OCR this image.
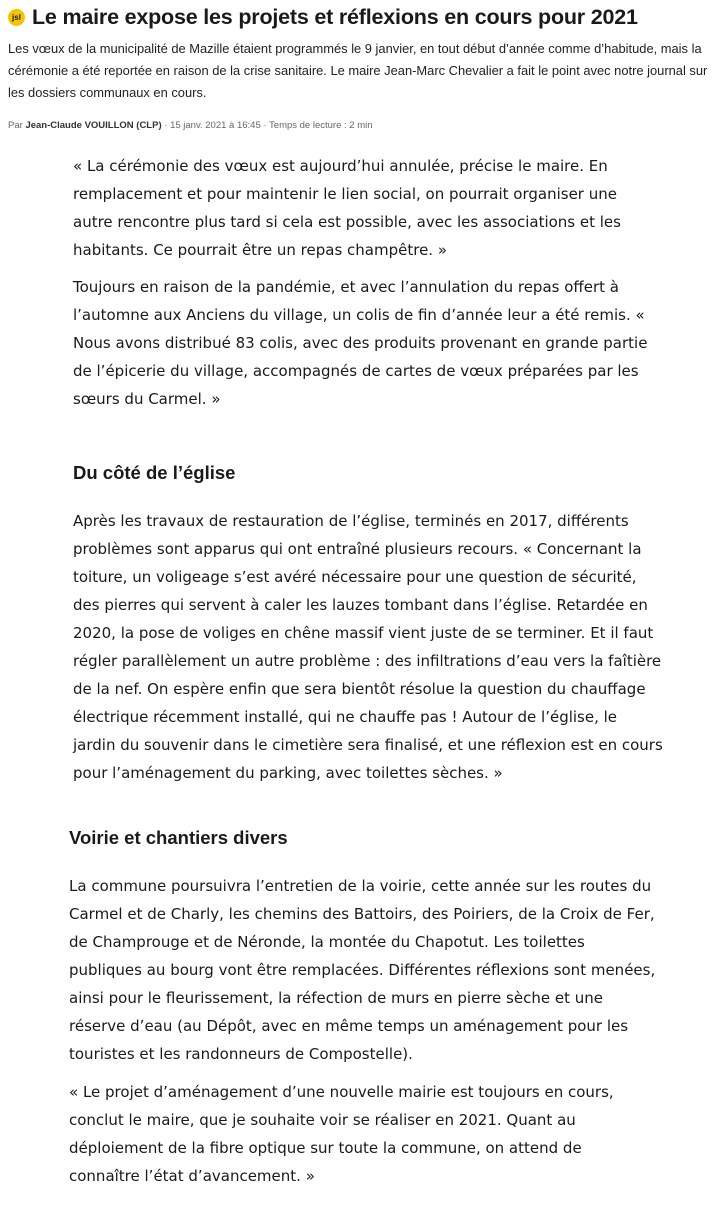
jsl Le maire expose les projets et réflexions en cours pour 2021

Les vœux de la municipalité de Mazille étaient programmés le 9 janvier, en tout début d’année comme d’habitude, mais la cérémonie a été reportée en raison de la crise sanitaire. Le maire Jean-Marc Chevalier a fait le point avec notre journal sur les dossiers communaux en cours.

Par Jean-Claude VOUILLON (CLP) · 15 janv. 2021 à 16:45 · Temps de lecture : 2 min

« La cérémonie des vœux est aujourd’hui annulée, précise le maire. En remplacement et pour maintenir le lien social, on pourrait organiser une autre rencontre plus tard si cela est possible, avec les associations et les habitants. Ce pourrait être un repas champêtre. »

Toujours en raison de la pandémie, et avec l’annulation du repas offert à l’automne aux Anciens du village, un colis de fin d’année leur a été remis. « Nous avons distribué 83 colis, avec des produits provenant en grande partie de l’épicerie du village, accompagnés de cartes de vœux préparées par les sœurs du Carmel. »

Du côté de l’église

Après les travaux de restauration de l’église, terminés en 2017, différents problèmes sont apparus qui ont entraîné plusieurs recours. « Concernant la toiture, un voligeage s’est avéré nécessaire pour une question de sécurité, des pierres qui servent à caler les lauzes tombant dans l’église. Retardée en 2020, la pose de voliges en chêne massif vient juste de se terminer. Et il faut régler parallèlement un autre problème : des infiltrations d’eau vers la faîtière de la nef. On espère enfin que sera bientôt résolue la question du chauffage électrique récemment installé, qui ne chauffe pas ! Autour de l’église, le jardin du souvenir dans le cimetière sera finalisé, et une réflexion est en cours pour l’aménagement du parking, avec toilettes sèches. »

Voirie et chantiers divers

La commune poursuivra l’entretien de la voirie, cette année sur les routes du Carmel et de Charly, les chemins des Battoirs, des Poiriers, de la Croix de Fer, de Champrouge et de Néronde, la montée du Chapotut. Les toilettes publiques au bourg vont être remplacées. Différentes réflexions sont menées, ainsi pour le fleurissement, la réfection de murs en pierre sèche et une réserve d’eau (au Dépôt, avec en même temps un aménagement pour les touristes et les randonneurs de Compostelle).

« Le projet d’aménagement d’une nouvelle mairie est toujours en cours, conclut le maire, que je souhaite voir se réaliser en 2021. Quant au déploiement de la fibre optique sur toute la commune, on attend de connaître l’état d’avancement. »
